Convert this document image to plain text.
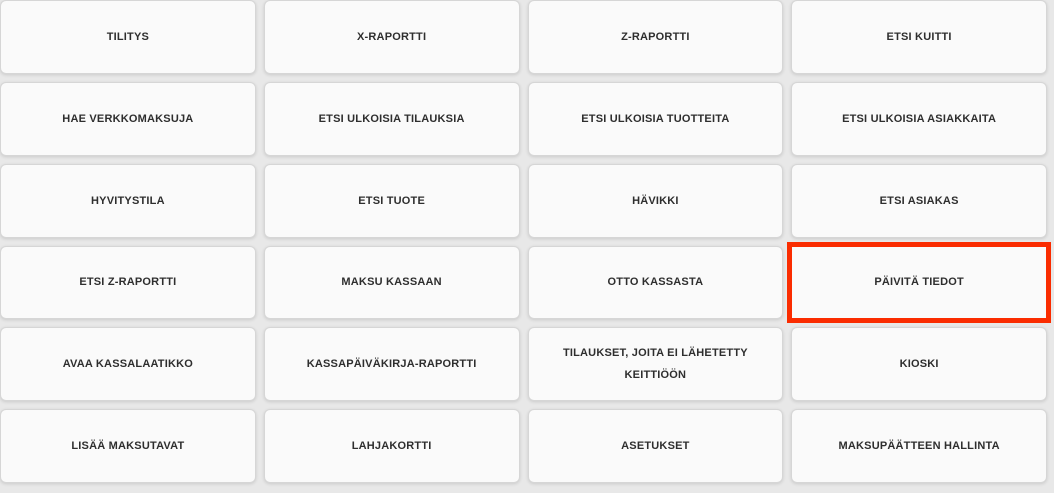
TILITYS	X-RAPORTTI	Z-RAPORTTI	ETSI KUITTI
HAE VERKKOMAKSUJA	ETSI ULKOISIA TILAUKSIA	ETSI ULKOISIA TUOTTEITA	ETSI ULKOISIA ASIAKKAITA
HYVITYSTILA	ETSI TUOTE	HÄVIKKI	ETSI ASIAKAS
ETSI Z-RAPORTTI	MAKSU KASSAAN	OTTO KASSASTA	PÄIVITÄ TIEDOT
AVAA KASSALAATIKKO	KASSAPÄIVÄKIRJA-RAPORTTI
TILAUKSET, JOITA EI LÄHETETTY KEITTIÖÖN
KIOSKI
LISÄÄ MAKSUTAVAT	LAHJAKORTTI	ASETUKSET	MAKSUPÄÄTTEEN HALLINTA
